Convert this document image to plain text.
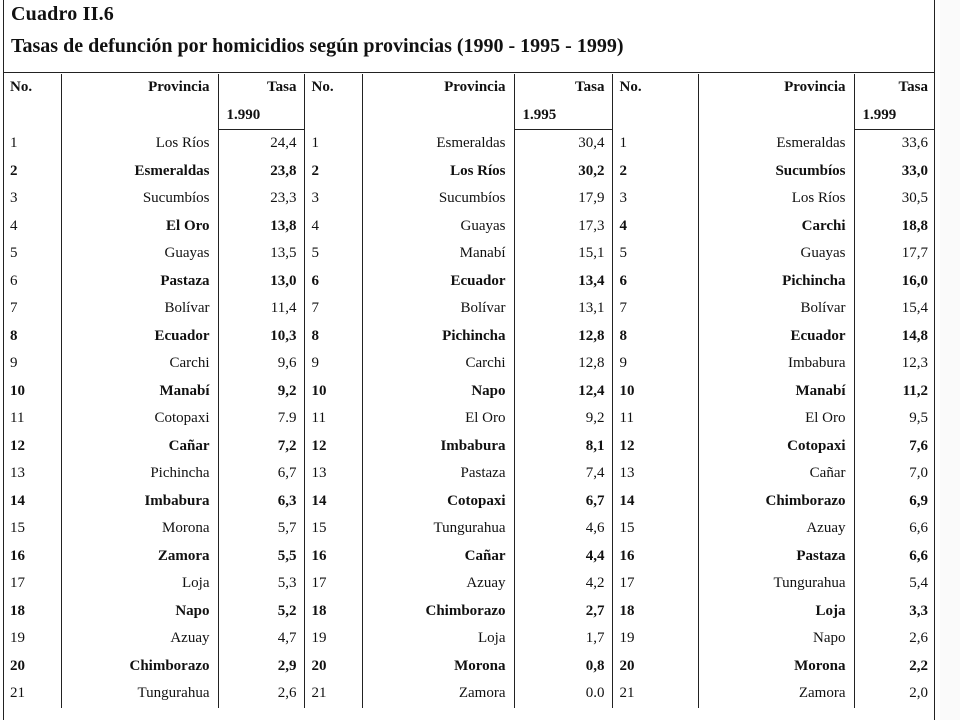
Cuadro II.6
Tasas de defunción por homicidios según provincias (1990 - 1995 - 1999)
No.	Provincia	Tasa	No.	Provincia	Tasa	No.	Provincia	Tasa
		1.990			1.995			1.999
1	Los Ríos	24,4	1	Esmeraldas	30,4	1	Esmeraldas	33,6
2	Esmeraldas	23,8	2	Los Ríos	30,2	2	Sucumbíos	33,0
3	Sucumbíos	23,3	3	Sucumbíos	17,9	3	Los Ríos	30,5
4	El Oro	13,8	4	Guayas	17,3	4	Carchi	18,8
5	Guayas	13,5	5	Manabí	15,1	5	Guayas	17,7
6	Pastaza	13,0	6	Ecuador	13,4	6	Pichincha	16,0
7	Bolívar	11,4	7	Bolívar	13,1	7	Bolívar	15,4
8	Ecuador	10,3	8	Pichincha	12,8	8	Ecuador	14,8
9	Carchi	9,6	9	Carchi	12,8	9	Imbabura	12,3
10	Manabí	9,2	10	Napo	12,4	10	Manabí	11,2
11	Cotopaxi	7.9	11	El Oro	9,2	11	El Oro	9,5
12	Cañar	7,2	12	Imbabura	8,1	12	Cotopaxi	7,6
13	Pichincha	6,7	13	Pastaza	7,4	13	Cañar	7,0
14	Imbabura	6,3	14	Cotopaxi	6,7	14	Chimborazo	6,9
15	Morona	5,7	15	Tungurahua	4,6	15	Azuay	6,6
16	Zamora	5,5	16	Cañar	4,4	16	Pastaza	6,6
17	Loja	5,3	17	Azuay	4,2	17	Tungurahua	5,4
18	Napo	5,2	18	Chimborazo	2,7	18	Loja	3,3
19	Azuay	4,7	19	Loja	1,7	19	Napo	2,6
20	Chimborazo	2,9	20	Morona	0,8	20	Morona	2,2
21	Tungurahua	2,6	21	Zamora	0.0	21	Zamora	2,0
